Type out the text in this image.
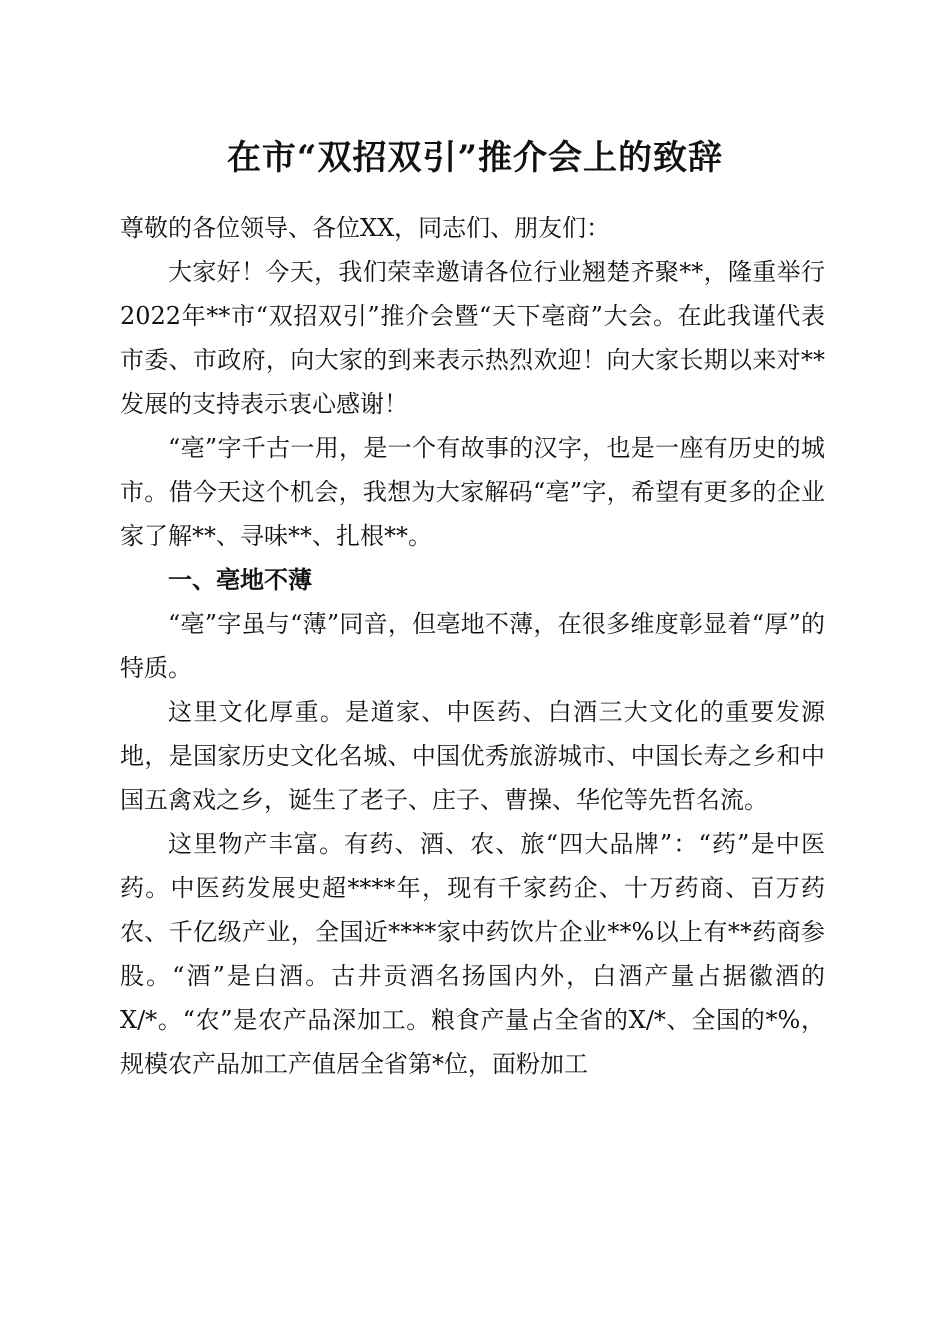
在市“双招双引”推介会上的致辞

尊敬的各位领导、各位XX，同志们、朋友们：

大家好！今天，我们荣幸邀请各位行业翘楚齐聚**，隆重举行2022年**市“双招双引”推介会暨“天下亳商”大会。在此我谨代表市委、市政府，向大家的到来表示热烈欢迎！向大家长期以来对**发展的支持表示衷心感谢！

“亳”字千古一用，是一个有故事的汉字，也是一座有历史的城市。借今天这个机会，我想为大家解码“亳”字，希望有更多的企业家了解**、寻味**、扎根**。

一、亳地不薄

“亳”字虽与“薄”同音，但亳地不薄，在很多维度彰显着“厚”的特质。

这里文化厚重。是道家、中医药、白酒三大文化的重要发源地，是国家历史文化名城、中国优秀旅游城市、中国长寿之乡和中国五禽戏之乡，诞生了老子、庄子、曹操、华佗等先哲名流。

这里物产丰富。有药、酒、农、旅“四大品牌”：“药”是中医药。中医药发展史超****年，现有千家药企、十万药商、百万药农、千亿级产业，全国近****家中药饮片企业**%以上有**药商参股。“酒”是白酒。古井贡酒名扬国内外，白酒产量占据徽酒的X/*。“农”是农产品深加工。粮食产量占全省的X/*、全国的*%，规模农产品加工产值居全省第*位，面粉加工
